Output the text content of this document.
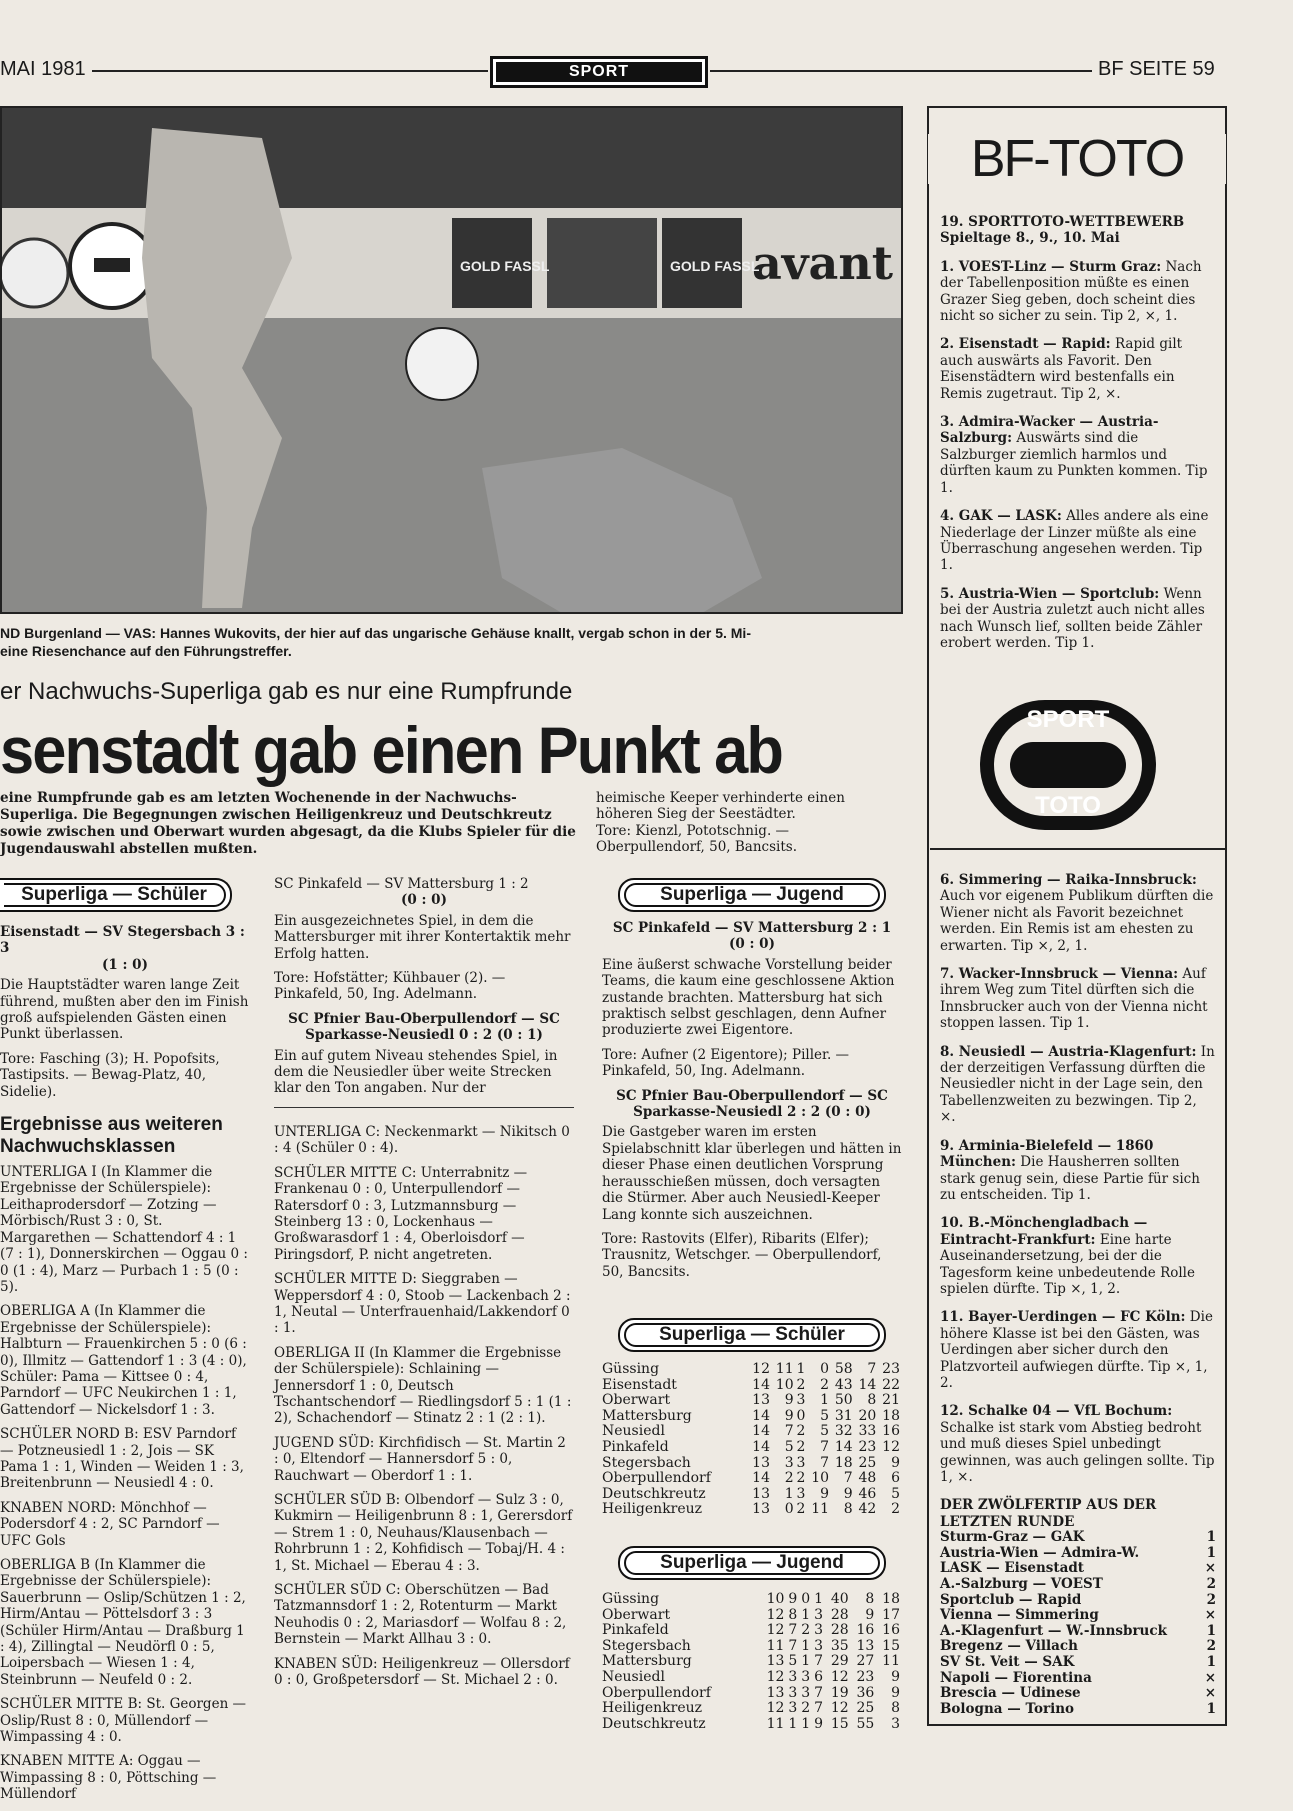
MAI 1981	SPORT	BF SEITE 59
GOLD FASSL	avant
GOLD FASSL
ND Burgenland — VAS: Hannes Wukovits, der hier auf das ungarische Gehäuse knallt, vergab schon in der 5. Mi-
eine Riesenchance auf den Führungstreffer.
er Nachwuchs-Superliga gab es nur eine Rumpfrunde
senstadt gab einen Punkt ab
eine Rumpfrunde gab es am letzten Wochenende in der Nachwuchs-Superliga. Die Begegnungen zwischen Heiligenkreuz und Deutschkreutz sowie zwischen und Oberwart wurden abgesagt, da die Klubs Spieler für die Jugendauswahl abstellen mußten.
heimische Keeper verhinderte einen höheren Sieg der Seestädter.
Tore: Kienzl, Pototschnig. — Oberpullendorf, 50, Bancsits.
Superliga — Schüler

Eisenstadt — SV Stegersbach 3 : 3

(1 : 0)

Die Hauptstädter waren lange Zeit führend, mußten aber den im Finish groß aufspielenden Gästen einen Punkt überlassen.

Tore: Fasching (3); H. Popofsits, Tastipsits. — Bewag-Platz, 40, Sidelie).

Ergebnisse aus weiteren Nachwuchsklassen

UNTERLIGA I (In Klammer die Ergebnisse der Schülerspiele): Leithaprodersdorf — Zotzing — Mörbisch/Rust 3 : 0, St. Margarethen — Schattendorf 4 : 1 (7 : 1), Donnerskirchen — Oggau 0 : 0 (1 : 4), Marz — Purbach 1 : 5 (0 : 5).

OBERLIGA A (In Klammer die Ergebnisse der Schülerspiele): Halbturn — Frauenkirchen 5 : 0 (6 : 0), Illmitz — Gattendorf 1 : 3 (4 : 0), Schüler: Pama — Kittsee 0 : 4, Parndorf — UFC Neukirchen 1 : 1, Gattendorf — Nickelsdorf 1 : 3.

SCHÜLER NORD B: ESV Parndorf — Potzneusiedl 1 : 2, Jois — SK Pama 1 : 1, Winden — Weiden 1 : 3, Breitenbrunn — Neusiedl 4 : 0.

KNABEN NORD: Mönchhof — Podersdorf 4 : 2, SC Parndorf — UFC Gols

OBERLIGA B (In Klammer die Ergebnisse der Schülerspiele): Sauerbrunn — Oslip/Schützen 1 : 2, Hirm/Antau — Pöttelsdorf 3 : 3 (Schüler Hirm/Antau — Draßburg 1 : 4), Zillingtal — Neudörfl 0 : 5, Loipersbach — Wiesen 1 : 4, Steinbrunn — Neufeld 0 : 2.

SCHÜLER MITTE B: St. Georgen — Oslip/Rust 8 : 0, Müllendorf — Wimpassing 4 : 0.

KNABEN MITTE A: Oggau — Wimpassing 8 : 0, Pöttsching — Müllendorf

SC Pinkafeld — SV Mattersburg 1 : 2

(0 : 0)

Ein ausgezeichnetes Spiel, in dem die Mattersburger mit ihrer Kontertaktik mehr Erfolg hatten.

Tore: Hofstätter; Kühbauer (2). — Pinkafeld, 50, Ing. Adelmann.

SC Pfnier Bau-Oberpullendorf — SC Sparkasse-Neusiedl 0 : 2 (0 : 1)

Ein auf gutem Niveau stehendes Spiel, in dem die Neusiedler über weite Strecken klar den Ton angaben. Nur der

UNTERLIGA C: Neckenmarkt — Nikitsch 0 : 4 (Schüler 0 : 4).

SCHÜLER MITTE C: Unterrabnitz — Frankenau 0 : 0, Unterpullendorf — Ratersdorf 0 : 3, Lutzmannsburg — Steinberg 13 : 0, Lockenhaus — Großwarasdorf 1 : 4, Oberloisdorf — Piringsdorf, P. nicht angetreten.

SCHÜLER MITTE D: Sieggraben — Weppersdorf 4 : 0, Stoob — Lackenbach 2 : 1, Neutal — Unterfrauenhaid/Lakkendorf 0 : 1.

OBERLIGA II (In Klammer die Ergebnisse der Schülerspiele): Schlaining — Jennersdorf 1 : 0, Deutsch Tschantschendorf — Riedlingsdorf 5 : 1 (1 : 2), Schachendorf — Stinatz 2 : 1 (2 : 1).

JUGEND SÜD: Kirchfidisch — St. Martin 2 : 0, Eltendorf — Hannersdorf 5 : 0, Rauchwart — Oberdorf 1 : 1.

SCHÜLER SÜD B: Olbendorf — Sulz 3 : 0, Kukmirn — Heiligenbrunn 8 : 1, Gerersdorf — Strem 1 : 0, Neuhaus/Klausenbach — Rohrbrunn 1 : 2, Kohfidisch — Tobaj/H. 4 : 1, St. Michael — Eberau 4 : 3.

SCHÜLER SÜD C: Oberschützen — Bad Tatzmannsdorf 1 : 2, Rotenturm — Markt Neuhodis 0 : 2, Mariasdorf — Wolfau 8 : 2, Bernstein — Markt Allhau 3 : 0.

KNABEN SÜD: Heiligenkreuz — Ollersdorf 0 : 0, Großpetersdorf — St. Michael 2 : 0.

Superliga — Jugend

SC Pinkafeld — SV Mattersburg 2 : 1
(0 : 0)

Eine äußerst schwache Vorstellung beider Teams, die kaum eine geschlossene Aktion zustande brachten. Mattersburg hat sich praktisch selbst geschlagen, denn Aufner produzierte zwei Eigentore.

Tore: Aufner (2 Eigentore); Piller. — Pinkafeld, 50, Ing. Adelmann.

SC Pfnier Bau-Oberpullendorf — SC Sparkasse-Neusiedl 2 : 2 (0 : 0)

Die Gastgeber waren im ersten Spielabschnitt klar überlegen und hätten in dieser Phase einen deutlichen Vorsprung herausschießen müssen, doch versagten die Stürmer. Aber auch Neusiedl-Keeper Lang konnte sich auszeichnen.

Tore: Rastovits (Elfer), Ribarits (Elfer); Trausnitz, Wetschger. — Oberpullendorf, 50, Bancsits.

Superliga — Schüler
Güssing	12	11	1	0	58	7	23
Eisenstadt	14	10	2	2	43	14	22
Oberwart	13	9	3	1	50	8	21
Mattersburg	14	9	0	5	31	20	18
Neusiedl	14	7	2	5	32	33	16
Pinkafeld	14	5	2	7	14	23	12
Stegersbach	13	3	3	7	18	25	9
Oberpullendorf	14	2	2	10	7	48	6
Deutschkreutz	13	1	3	9	9	46	5
Heiligenkreuz	13	0	2	11	8	42	2
Superliga — Jugend
Güssing	10	9	0	1	40	8	18
Oberwart	12	8	1	3	28	9	17
Pinkafeld	12	7	2	3	28	16	16
Stegersbach	11	7	1	3	35	13	15
Mattersburg	13	5	1	7	29	27	11
Neusiedl	12	3	3	6	12	23	9
Oberpullendorf	13	3	3	7	19	36	9
Heiligenkreuz	12	3	2	7	12	25	8
Deutschkreutz	11	1	1	9	15	55	3
BF-TOTO

19. SPORTTOTO-WETTBEWERB
Spieltage 8., 9., 10. Mai

1. VOEST-Linz — Sturm Graz: Nach der Tabellenposition müßte es einen Grazer Sieg geben, doch scheint dies nicht so sicher zu sein. Tip 2, ×, 1.

2. Eisenstadt — Rapid: Rapid gilt auch auswärts als Favorit. Den Eisenstädtern wird bestenfalls ein Remis zugetraut. Tip 2, ×.

3. Admira-Wacker — Austria-Salzburg: Auswärts sind die Salzburger ziemlich harmlos und dürften kaum zu Punkten kommen. Tip 1.

4. GAK — LASK: Alles andere als eine Niederlage der Linzer müßte als eine Überraschung angesehen werden. Tip 1.

5. Austria-Wien — Sportclub: Wenn bei der Austria zuletzt auch nicht alles nach Wunsch lief, sollten beide Zähler erobert werden. Tip 1.

SPORT
TOTO

6. Simmering — Raika-Innsbruck: Auch vor eigenem Publikum dürften die Wiener nicht als Favorit bezeichnet werden. Ein Remis ist am ehesten zu erwarten. Tip ×, 2, 1.

7. Wacker-Innsbruck — Vienna: Auf ihrem Weg zum Titel dürften sich die Innsbrucker auch von der Vienna nicht stoppen lassen. Tip 1.

8. Neusiedl — Austria-Klagenfurt: In der derzeitigen Verfassung dürften die Neusiedler nicht in der Lage sein, den Tabellenzweiten zu bezwingen. Tip 2, ×.

9. Arminia-Bielefeld — 1860 München: Die Hausherren sollten stark genug sein, diese Partie für sich zu entscheiden. Tip 1.

10. B.-Mönchengladbach — Eintracht-Frankfurt: Eine harte Auseinandersetzung, bei der die Tagesform keine unbedeutende Rolle spielen dürfte. Tip ×, 1, 2.

11. Bayer-Uerdingen — FC Köln: Die höhere Klasse ist bei den Gästen, was Uerdingen aber sicher durch den Platzvorteil aufwiegen dürfte. Tip ×, 1, 2.

12. Schalke 04 — VfL Bochum: Schalke ist stark vom Abstieg bedroht und muß dieses Spiel unbedingt gewinnen, was auch gelingen sollte. Tip 1, ×.

DER ZWÖLFERTIP AUS DER LETZTEN RUNDE
Sturm-Graz — GAK	1
Austria-Wien — Admira-W.	1
LASK — Eisenstadt	×
A.-Salzburg — VOEST	2
Sportclub — Rapid	2
Vienna — Simmering	×
A.-Klagenfurt — W.-Innsbruck	1
Bregenz — Villach	2
SV St. Veit — SAK	1
Napoli — Fiorentina	×
Brescia — Udinese	×
Bologna — Torino	1
